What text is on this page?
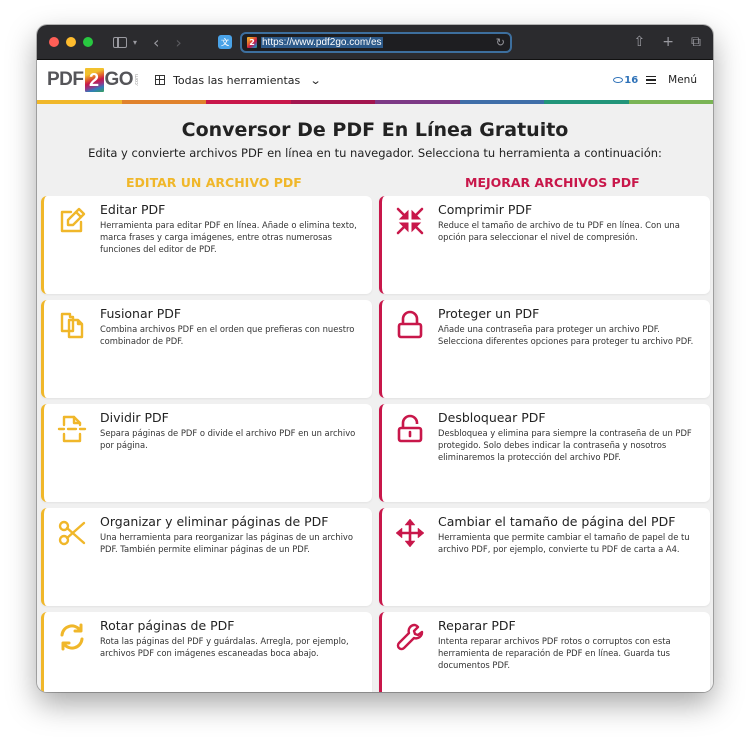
▾ ‹ ›	文	2 https://www.pdf2go.com/es	↻	⇧ + ⧉
PDF 2 GO .com	Todas las herramientas ⌄	16	Menú
Conversor De PDF En Línea Gratuito

Edita y convierte archivos PDF en línea en tu navegador. Selecciona tu herramienta a continuación:

EDITAR UN ARCHIVO PDF	MEJORAR ARCHIVOS PDF
Editar PDF
Herramienta para editar PDF en línea. Añade o elimina texto, marca frases y carga imágenes, entre otras numerosas funciones del editor de PDF.
Fusionar PDF
Combina archivos PDF en el orden que prefieras con nuestro combinador de PDF.
Dividir PDF
Separa páginas de PDF o divide el archivo PDF en un archivo por página.
Organizar y eliminar páginas de PDF
Una herramienta para reorganizar las páginas de un archivo PDF. También permite eliminar páginas de un PDF.
Rotar páginas de PDF
Rota las páginas del PDF y guárdalas. Arregla, por ejemplo, archivos PDF con imágenes escaneadas boca abajo.
Comprimir PDF
Reduce el tamaño de archivo de tu PDF en línea. Con una opción para seleccionar el nivel de compresión.
Proteger un PDF
Añade una contraseña para proteger un archivo PDF. Selecciona diferentes opciones para proteger tu archivo PDF.
Desbloquear PDF
Desbloquea y elimina para siempre la contraseña de un PDF protegido. Solo debes indicar la contraseña y nosotros eliminaremos la protección del archivo PDF.
Cambiar el tamaño de página del PDF
Herramienta que permite cambiar el tamaño de papel de tu archivo PDF, por ejemplo, convierte tu PDF de carta a A4.
Reparar PDF
Intenta reparar archivos PDF rotos o corruptos con esta herramienta de reparación de PDF en línea. Guarda tus documentos PDF.
